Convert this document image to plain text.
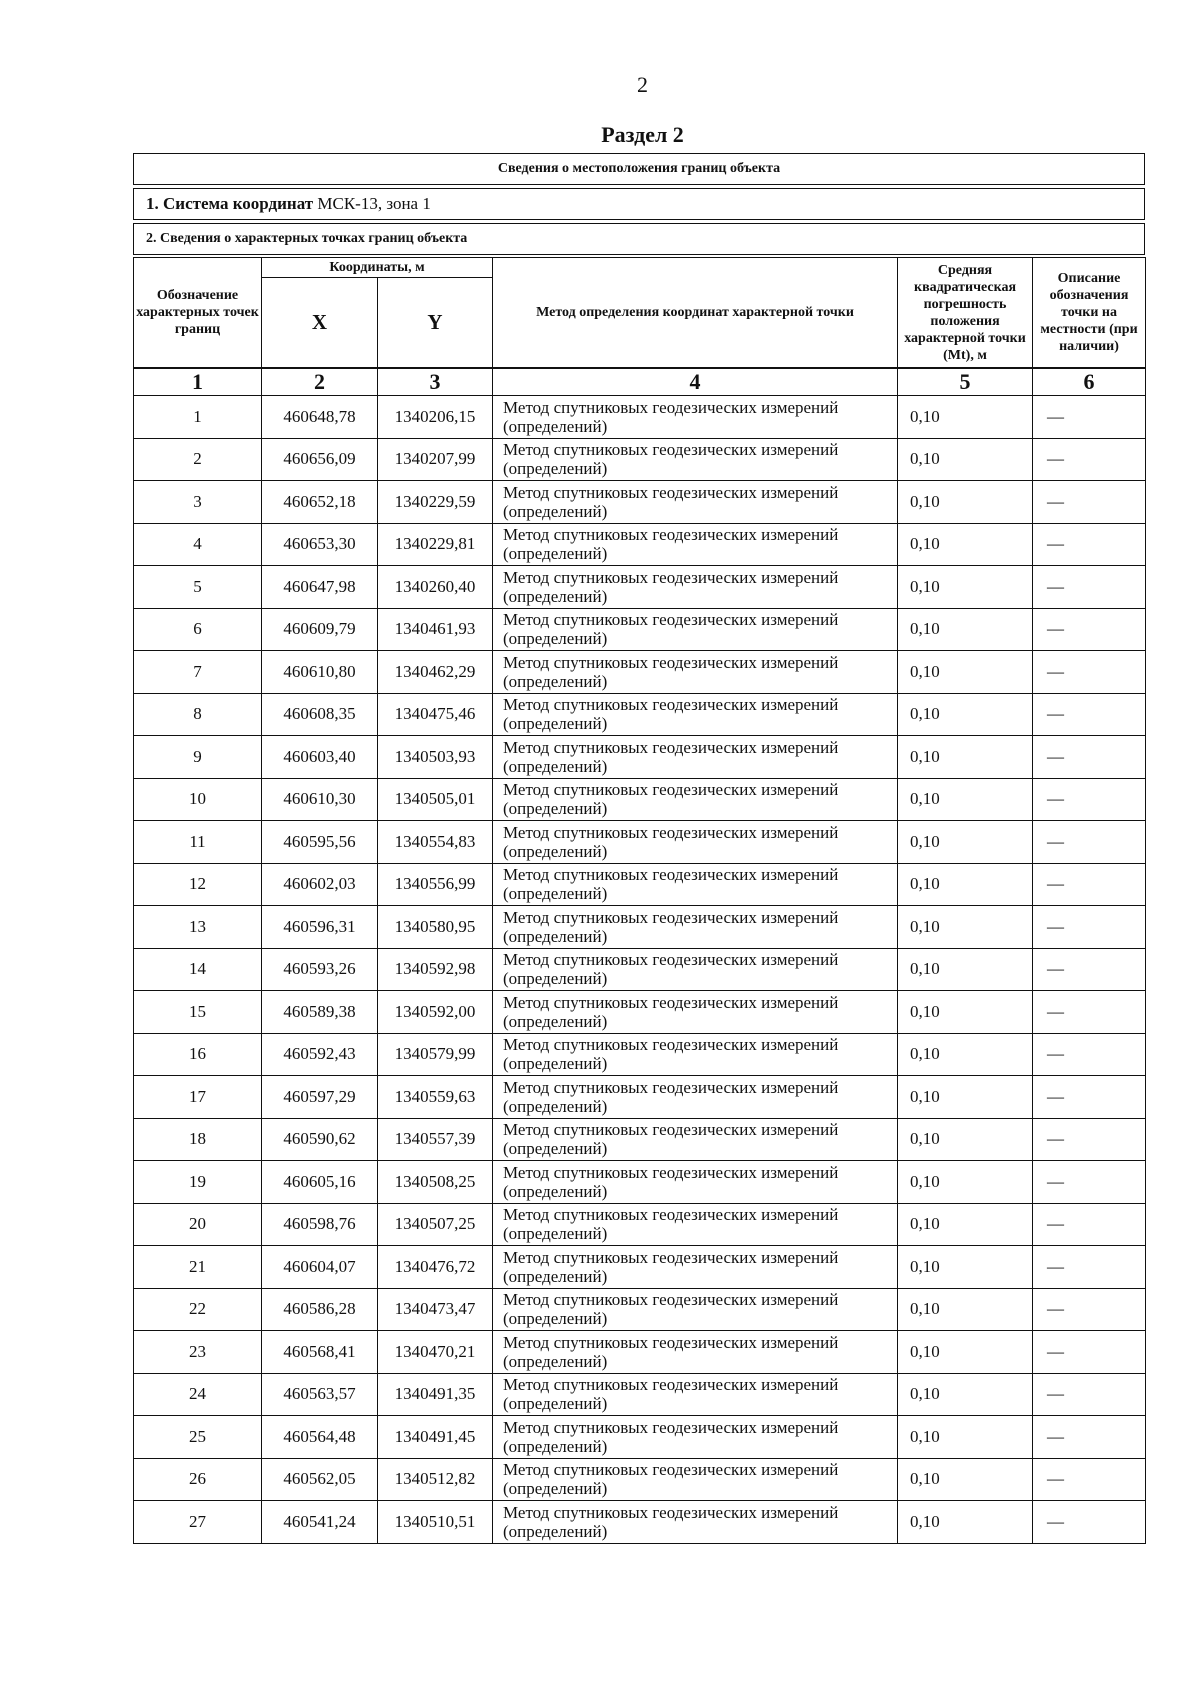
2
Раздел 2
Сведения о местоположения границ объекта
1. Система координат МСК-13, зона 1
2. Сведения о характерных точках границ объекта
Обозначение характерных точек границ	Координаты, м		Метод определения координат характерной точки	Средняя квадратическая погрешность положения характерной точки (Mt), м	Описание обозначения точки на местности (при наличии)
	X	Y			

1	2	3	4	5	6
1	460648,78	1340206,15	Метод спутниковых геодезических измерений (определений)	0,10	—
2	460656,09	1340207,99	Метод спутниковых геодезических измерений (определений)	0,10	—
3	460652,18	1340229,59	Метод спутниковых геодезических измерений (определений)	0,10	—
4	460653,30	1340229,81	Метод спутниковых геодезических измерений (определений)	0,10	—
5	460647,98	1340260,40	Метод спутниковых геодезических измерений (определений)	0,10	—
6	460609,79	1340461,93	Метод спутниковых геодезических измерений (определений)	0,10	—
7	460610,80	1340462,29	Метод спутниковых геодезических измерений (определений)	0,10	—
8	460608,35	1340475,46	Метод спутниковых геодезических измерений (определений)	0,10	—
9	460603,40	1340503,93	Метод спутниковых геодезических измерений (определений)	0,10	—
10	460610,30	1340505,01	Метод спутниковых геодезических измерений (определений)	0,10	—
11	460595,56	1340554,83	Метод спутниковых геодезических измерений (определений)	0,10	—
12	460602,03	1340556,99	Метод спутниковых геодезических измерений (определений)	0,10	—
13	460596,31	1340580,95	Метод спутниковых геодезических измерений (определений)	0,10	—
14	460593,26	1340592,98	Метод спутниковых геодезических измерений (определений)	0,10	—
15	460589,38	1340592,00	Метод спутниковых геодезических измерений (определений)	0,10	—
16	460592,43	1340579,99	Метод спутниковых геодезических измерений (определений)	0,10	—
17	460597,29	1340559,63	Метод спутниковых геодезических измерений (определений)	0,10	—
18	460590,62	1340557,39	Метод спутниковых геодезических измерений (определений)	0,10	—
19	460605,16	1340508,25	Метод спутниковых геодезических измерений (определений)	0,10	—
20	460598,76	1340507,25	Метод спутниковых геодезических измерений (определений)	0,10	—
21	460604,07	1340476,72	Метод спутниковых геодезических измерений (определений)	0,10	—
22	460586,28	1340473,47	Метод спутниковых геодезических измерений (определений)	0,10	—
23	460568,41	1340470,21	Метод спутниковых геодезических измерений (определений)	0,10	—
24	460563,57	1340491,35	Метод спутниковых геодезических измерений (определений)	0,10	—
25	460564,48	1340491,45	Метод спутниковых геодезических измерений (определений)	0,10	—
26	460562,05	1340512,82	Метод спутниковых геодезических измерений (определений)	0,10	—
27	460541,24	1340510,51	Метод спутниковых геодезических измерений (определений)	0,10	—
